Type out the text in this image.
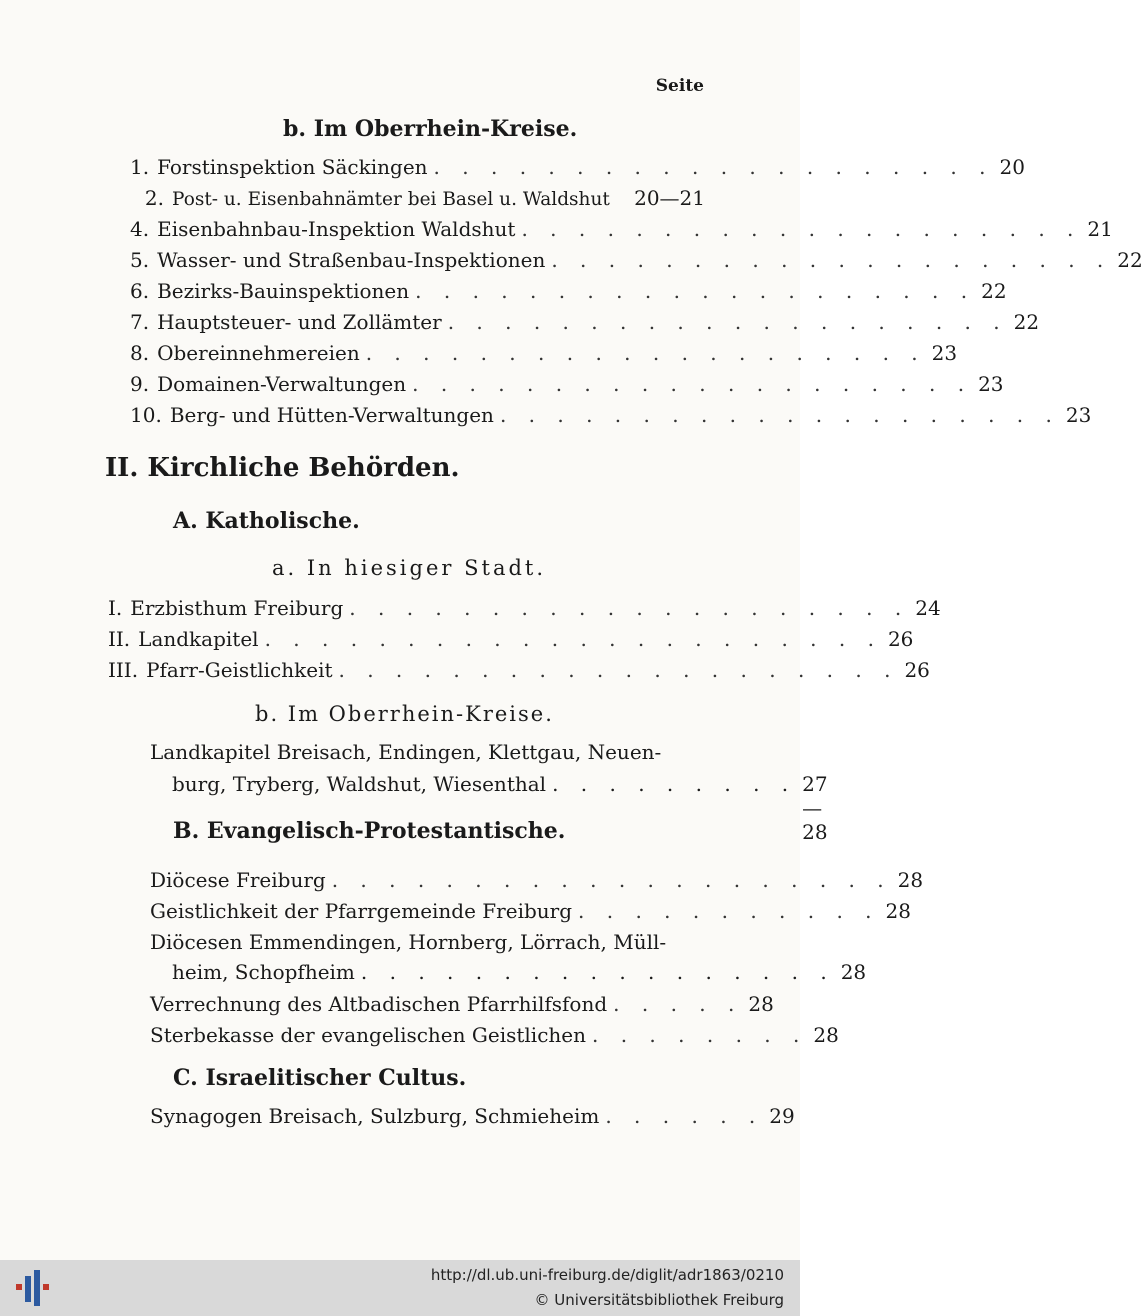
Seite
b. Im Oberrhein-Kreise.
1. Forstinspektion Säckingen . . . . . . . . . . . . . . . . . . . . 20
2. Post- u. Eisenbahnämter bei Basel u. Waldshut 20—21
4. Eisenbahnbau-Inspektion Waldshut . . . . . . . . . . . . . . . . . . . . 21
5. Wasser- und Straßenbau-Inspektionen . . . . . . . . . . . . . . . . . . . . 22
6. Bezirks-Bauinspektionen . . . . . . . . . . . . . . . . . . . . 22
7. Hauptsteuer- und Zollämter . . . . . . . . . . . . . . . . . . . . 22
8. Obereinnehmereien . . . . . . . . . . . . . . . . . . . . 23
9. Domainen-Verwaltungen . . . . . . . . . . . . . . . . . . . . 23
10. Berg- und Hütten-Verwaltungen . . . . . . . . . . . . . . . . . . . . 23
II. Kirchliche Behörden.
A. Katholische.
a. In hiesiger Stadt.
I. Erzbisthum Freiburg . . . . . . . . . . . . . . . . . . . . 24
II. Landkapitel . . . . . . . . . . . . . . . . . . . . . . 26
III. Pfarr-Geistlichkeit . . . . . . . . . . . . . . . . . . . . 26
b. Im Oberrhein-Kreise.
Landkapitel Breisach, Endingen, Klettgau, Neuen-
burg, Tryberg, Waldshut, Wiesenthal . . . . . . . . . 27—28
B. Evangelisch-Protestantische.
Diöcese Freiburg . . . . . . . . . . . . . . . . . . . . 28
Geistlichkeit der Pfarrgemeinde Freiburg . . . . . . . . . . . 28
Diöcesen Emmendingen, Hornberg, Lörrach, Müll-
heim, Schopfheim . . . . . . . . . . . . . . . . . 28
Verrechnung des Altbadischen Pfarrhilfsfond . . . . . 28
Sterbekasse der evangelischen Geistlichen . . . . . . . . 28
C. Israelitischer Cultus.
Synagogen Breisach, Sulzburg, Schmieheim . . . . . . 29
http://dl.ub.uni-freiburg.de/diglit/adr1863/0210
© Universitätsbibliothek Freiburg
